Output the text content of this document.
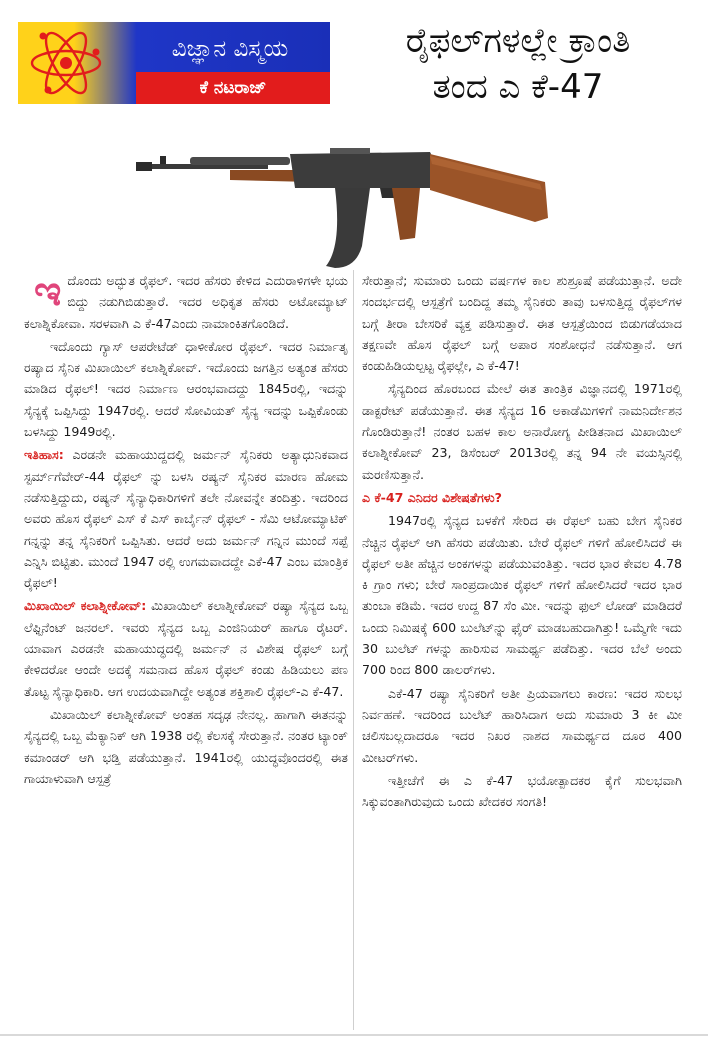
ವಿಜ್ಞಾನ ವಿಸ್ಮಯ
ಕೆ ನಟರಾಜ್
ರೈಫಲ್‌ಗಳಲ್ಲೇ ಕ್ರಾಂತಿ
ತಂದ ಎ ಕೆ-47

ಇದೊಂದು ಅದ್ಭುತ ರೈಫಲ್. ಇದರ ಹೆಸರು ಕೇಳಿದ ಎದುರಾಳಿಗಳೇ ಭಯ ಬಿದ್ದು ನಡುಗಿಬಿಡುತ್ತಾರೆ. ಇದರ ಅಧಿಕೃತ ಹೆಸರು ಅಟೋಮ್ಯಾಟ್ ಕಲಾಶ್ನಿಕೋವಾ. ಸರಳವಾಗಿ ಎ ಕೆ-47ಎಂದು ನಾಮಾಂಕಿತಗೊಂಡಿದೆ.

ಇದೊಂದು ಗ್ಯಾಸ್ ಆಪರೇಟೆಡ್ ಧಾಳೀಕೋರ ರೈಫಲ್. ಇದರ ನಿರ್ಮಾತೃ ರಷ್ಯಾದ ಸೈನಿಕ ಮಿಖಾಯಿಲ್ ಕಲಾಶ್ನಿಕೋವ್. ಇದೊಂದು ಜಗತ್ತಿನ ಅತ್ಯಂತ ಹೆಸರು ಮಾಡಿದ ರೈಫಲ್! ಇದರ ನಿರ್ಮಾಣ ಆರಂಭವಾದದ್ದು 1845ರಲ್ಲಿ, ಇದನ್ನು ಸೈನ್ಯಕ್ಕೆ ಒಪ್ಪಿಸಿದ್ದು 1947ರಲ್ಲಿ. ಆದರೆ ಸೋವಿಯತ್ ಸೈನ್ಯ ಇದನ್ನು ಒಪ್ಪಿಕೊಂಡು ಬಳಸಿದ್ದು 1949ರಲ್ಲಿ.

ಇತಿಹಾಸ: ಎರಡನೇ ಮಹಾಯುದ್ದದಲ್ಲಿ ಜರ್ಮನ್ ಸೈನಿಕರು ಅತ್ಯಾಧುನಿಕವಾದ ಸ್ಟರ್ಮ್‌ಗೆವೇರ್-44 ರೈಫಲ್ ನ್ನು ಬಳಸಿ ರಷ್ಯನ್ ಸೈನಿಕರ ಮಾರಣ ಹೋಮ ನಡೆಸುತ್ತಿದ್ದುದು, ರಷ್ಯನ್ ಸೈನ್ಯಾಧಿಕಾರಿಗಳಿಗೆ ತಲೇ ನೋವನ್ನೇ ತಂದಿತ್ತು. ಇದರಿಂದ ಅವರು ಹೊಸ ರೈಫಲ್ ಎಸ್ ಕೆ ಎಸ್ ಕಾರ್ಬೈನ್ ರೈಫಲ್ - ಸೆಮಿ ಆಟೋಮ್ಯಾಟಿಕ್ ಗನ್ನನ್ನು ತನ್ನ ಸೈನಿಕರಿಗೆ ಒಪ್ಪಿಸಿತು. ಆದರೆ ಅದು ಜರ್ಮನ್ ಗನ್ನಿನ ಮುಂದೆ ಸಪ್ಪೆ ಎನ್ನಿಸಿ ಬಿಟ್ಟಿತು. ಮುಂದೆ 1947 ರಲ್ಲಿ ಉಗಮವಾದದ್ದೇ ಎಕೆ-47 ಎಂಬ ಮಾಂತ್ರಿಕ ರೈಫಲ್!

ಮಿಖಾಯಿಲ್ ಕಲಾಶ್ನೀಕೋವ್: ಮಿಖಾಯಿಲ್ ಕಲಾಶ್ನೀಕೋವ್ ರಷ್ಯಾ ಸೈನ್ಯದ ಒಬ್ಬ ಲೆಫ್ಟಿನೆಂಟ್ ಜನರಲ್. ಇವರು ಸೈನ್ಯದ ಒಬ್ಬ ಎಂಜಿನಿಯರ್ ಹಾಗೂ ರೈಟರ್. ಯಾವಾಗ ಎರಡನೇ ಮಹಾಯುದ್ಧದಲ್ಲಿ ಜರ್ಮನ್ ನ ವಿಶೇಷ ರೈಫಲ್ ಬಗ್ಗೆ ಕೇಳಿದರೋ ಆಂದೇ ಅದಕ್ಕೆ ಸಮನಾದ ಹೊಸ ರೈಫಲ್ ಕಂಡು ಹಿಡಿಯಲು ಪಣ ತೊಟ್ಟ ಸೈನ್ಯಾಧಿಕಾರಿ. ಆಗ ಉದಯವಾಗಿದ್ದೇ ಅತ್ಯಂತ ಶಕ್ತಿಶಾಲಿ ರೈಫಲ್-ಎ ಕೆ-47.

ಮಿಖಾಯಿಲ್ ಕಲಾಶ್ನೀಕೋವ್ ಅಂತಹ ಸದೃಢ ನೇನಲ್ಲ. ಹಾಗಾಗಿ ಈತನನ್ನು ಸೈನ್ಯದಲ್ಲಿ ಒಬ್ಬ ಮೆಕ್ಯಾನಿಕ್ ಆಗಿ 1938 ರಲ್ಲಿ ಕೆಲಸಕ್ಕೆ ಸೇರುತ್ತಾನೆ. ನಂತರ ಟ್ಯಾಂಕ್ ಕಮಾಂಡರ್ ಆಗಿ ಭಡ್ತಿ ಪಡೆಯುತ್ತಾನೆ. 1941ರಲ್ಲಿ ಯುದ್ಧವೊಂದರಲ್ಲಿ ಈತ ಗಾಯಾಳುವಾಗಿ ಆಸ್ಪತ್ರೆ

ಸೇರುತ್ತಾನೆ; ಸುಮಾರು ಒಂದು ವರ್ಷಗಳ ಕಾಲ ಶುಶ್ರೂಷೆ ಪಡೆಯುತ್ತಾನೆ. ಅದೇ ಸಂದರ್ಭದಲ್ಲಿ ಆಸ್ಪತ್ರೆಗೆ ಬಂದಿದ್ದ ತಮ್ಮ ಸೈನಿಕರು ತಾವು ಬಳಸುತ್ತಿದ್ದ ರೈಫಲ್‌ಗಳ ಬಗ್ಗೆ ತೀರಾ ಬೇಸರಿಕೆ ವ್ಯಕ್ತ ಪಡಿಸುತ್ತಾರೆ. ಈತ ಆಸ್ಪತ್ರೆಯಿಂದ ಬಿಡುಗಡೆಯಾದ ತಕ್ಷಣವೇ ಹೊಸ ರೈಫಲ್ ಬಗ್ಗೆ ಅಪಾರ ಸಂಶೋಧನೆ ನಡೆಸುತ್ತಾನೆ. ಆಗ ಕಂಡುಹಿಡಿಯಲ್ಪಟ್ಟ ರೈಫಲ್ಲೇ, ಎ ಕೆ-47!

ಸೈನ್ಯದಿಂದ ಹೊರಬಂದ ಮೇಲೆ ಈತ ತಾಂತ್ರಿಕ ವಿಜ್ಞಾನದಲ್ಲಿ 1971ರಲ್ಲಿ ಡಾಕ್ಟರೇಟ್ ಪಡೆಯುತ್ತಾನೆ. ಈತ ಸೈನ್ಯದ 16 ಅಕಾಡೆಮಿಗಳಿಗೆ ನಾಮನಿರ್ದೇಶನ ಗೊಂಡಿರುತ್ತಾನೆ! ನಂತರ ಬಹಳ ಕಾಲ ಅನಾರೋಗ್ಯ ಪೀಡಿತನಾದ ಮಿಖಾಯಿಲ್ ಕಲಾಶ್ನೀಕೋವ್ 23, ಡಿಸೆಂಬರ್ 2013ರಲ್ಲಿ ತನ್ನ 94 ನೇ ವಯಸ್ಸಿನಲ್ಲಿ ಮರಣಿಸುತ್ತಾನೆ.

ಎ ಕೆ-47 ಎನಿದರ ವಿಶೇಷತೆಗಳು?

1947ರಲ್ಲಿ ಸೈನ್ಯದ ಬಳಕೆಗೆ ಸೇರಿದ ಈ ರೆಫಲ್ ಬಹು ಬೇಗ ಸೈನಿಕರ ನೆಚ್ಚಿನ ರೈಫಲ್ ಆಗಿ ಹೆಸರು ಪಡೆಯಿತು. ಬೇರೆ ರೈಫಲ್ ಗಳಿಗೆ ಹೋಲಿಸಿದರೆ ಈ ರೈಫಲ್ ಅತೀ ಹೆಚ್ಚಿನ ಅಂಕಗಳನ್ನು ಪಡೆಯುವಂತಿತ್ತು. ಇದರ ಭಾರ ಕೇವಲ 4.78 ಕಿ ಗ್ರಾಂ ಗಳು; ಬೇರೆ ಸಾಂಪ್ರದಾಯಿಕ ರೈಫಲ್ ಗಳಿಗೆ ಹೋಲಿಸಿದರೆ ಇದರ ಭಾರ ತುಂಬಾ ಕಡಿಮೆ. ಇದರ ಉದ್ದ 87 ಸೆಂ ಮೀ. ಇದನ್ನು ಫುಲ್ ಲೋಡ್ ಮಾಡಿದರೆ ಒಂದು ನಿಮಿಷಕ್ಕೆ 600 ಬುಲೆಟ್‌ನ್ನು ಫೈರ್ ಮಾಡಬಹುದಾಗಿತ್ತು! ಒಮ್ಮೆಗೇ ಇದು 30 ಬುಲೆಟ್ ಗಳನ್ನು ಹಾರಿಸುವ ಸಾಮರ್ಥ್ಯ ಪಡೆದಿತ್ತು. ಇದರ ಬೆಲೆ ಅಂದು 700 ರಿಂದ 800 ಡಾಲರ್‌ಗಳು.

ಎಕೆ-47 ರಷ್ಯಾ ಸೈನಿಕರಿಗೆ ಅತೀ ಪ್ರಿಯವಾಗಲು ಕಾರಣ: ಇದರ ಸುಲಭ ನಿರ್ವಹಣೆ. ಇದರಿಂದ ಬುಲೆಟ್ ಹಾರಿಸಿದಾಗ ಅದು ಸುಮಾರು 3 ಕೀ ಮೀ ಚಲಿಸಬಲ್ಲದಾದರೂ ಇದರ ನಿಖರ ನಾಶದ ಸಾಮರ್ಥ್ಯದ ದೂರ 400 ಮೀಟರ್‌ಗಳು.

ಇತ್ತೀಚೆಗೆ ಈ ಎ ಕೆ-47 ಭಯೋತ್ಪಾದಕರ ಕೈಗೆ ಸುಲಭವಾಗಿ ಸಿಕ್ಕುವಂತಾಗಿರುವುದು ಒಂದು ಖೇದಕರ ಸಂಗತಿ!
